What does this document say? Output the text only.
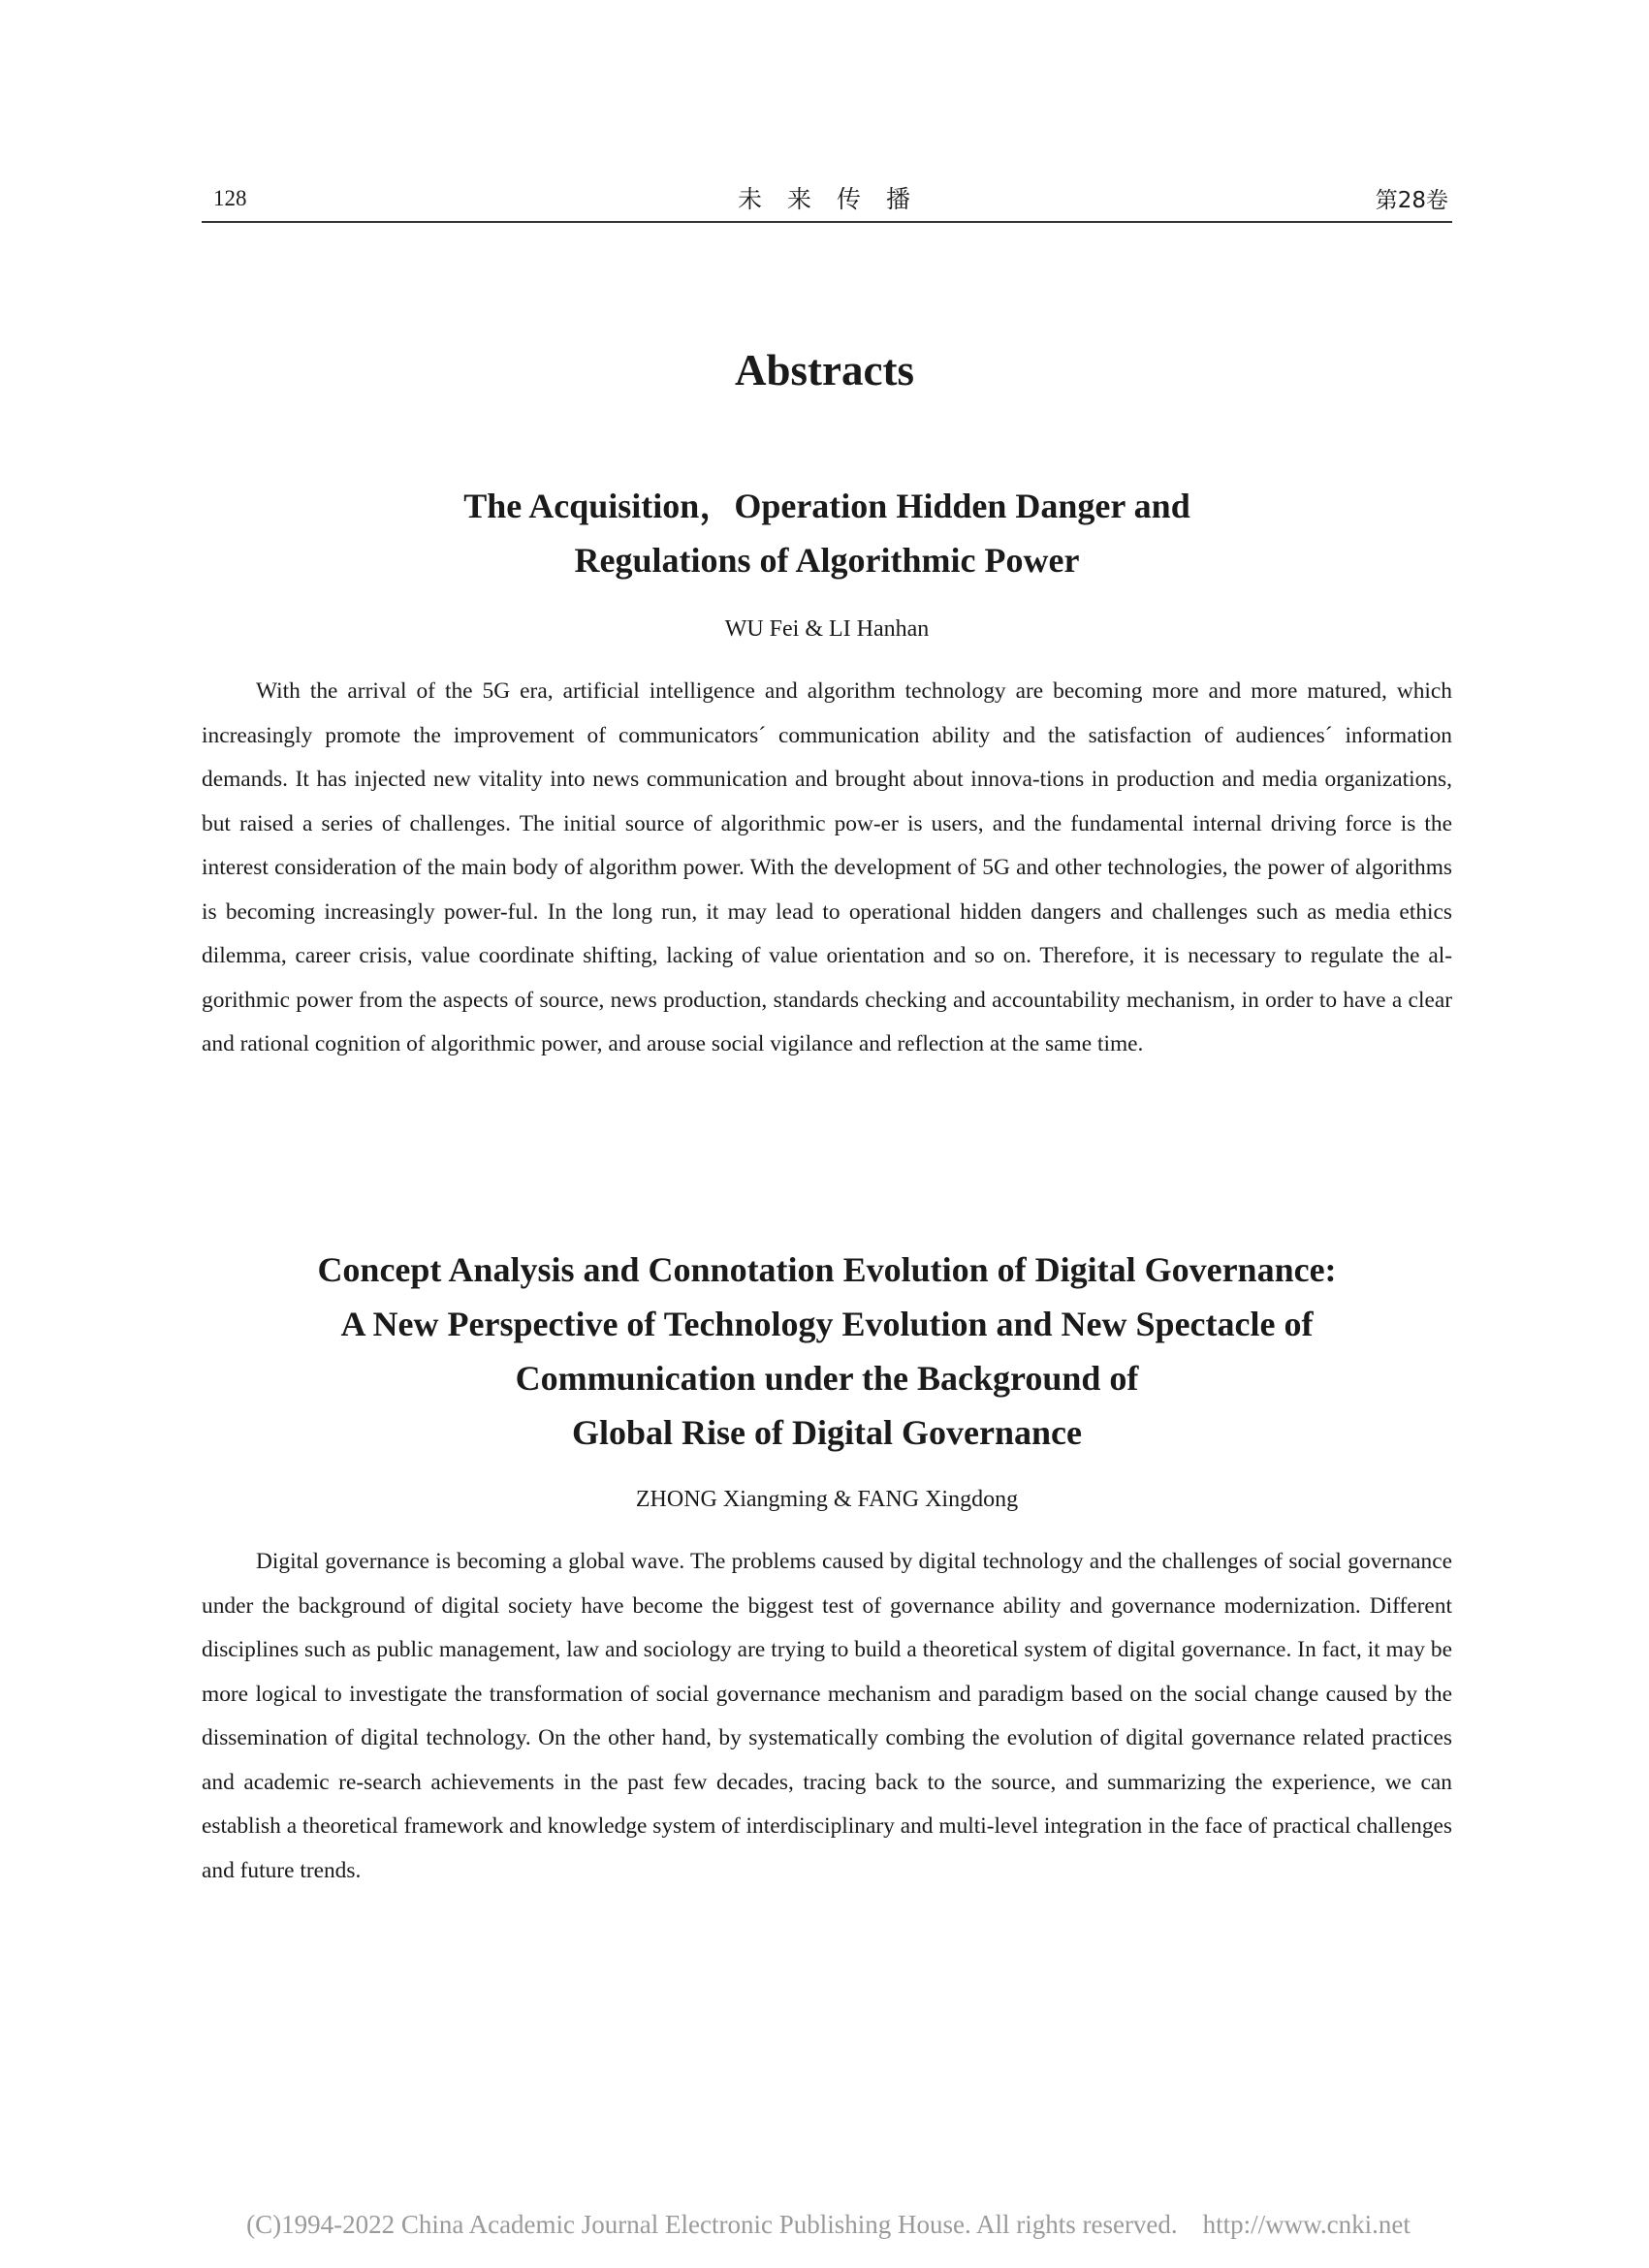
128	未来传播	第28卷
Abstracts
The Acquisition，Operation Hidden Danger and
Regulations of Algorithmic Power

WU Fei & LI Hanhan

With the arrival of the 5G era, artificial intelligence and algorithm technology are becoming more and more matured, which increasingly promote the improvement of communicators´ communication ability and the satisfaction of audiences´ information demands. It has injected new vitality into news communication and brought about innova-tions in production and media organizations, but raised a series of challenges. The initial source of algorithmic pow-er is users, and the fundamental internal driving force is the interest consideration of the main body of algorithm power. With the development of 5G and other technologies, the power of algorithms is becoming increasingly power-ful. In the long run, it may lead to operational hidden dangers and challenges such as media ethics dilemma, career crisis, value coordinate shifting, lacking of value orientation and so on. Therefore, it is necessary to regulate the al-gorithmic power from the aspects of source, news production, standards checking and accountability mechanism, in order to have a clear and rational cognition of algorithmic power, and arouse social vigilance and reflection at the same time.

Concept Analysis and Connotation Evolution of Digital Governance:
A New Perspective of Technology Evolution and New Spectacle of
Communication under the Background of
Global Rise of Digital Governance

ZHONG Xiangming & FANG Xingdong

Digital governance is becoming a global wave. The problems caused by digital technology and the challenges of social governance under the background of digital society have become the biggest test of governance ability and governance modernization. Different disciplines such as public management, law and sociology are trying to build a theoretical system of digital governance. In fact, it may be more logical to investigate the transformation of social governance mechanism and paradigm based on the social change caused by the dissemination of digital technology. On the other hand, by systematically combing the evolution of digital governance related practices and academic re-search achievements in the past few decades, tracing back to the source, and summarizing the experience, we can establish a theoretical framework and knowledge system of interdisciplinary and multi-level integration in the face of practical challenges and future trends.

(C)1994-2022 China Academic Journal Electronic Publishing House. All rights reserved. http://www.cnki.net
